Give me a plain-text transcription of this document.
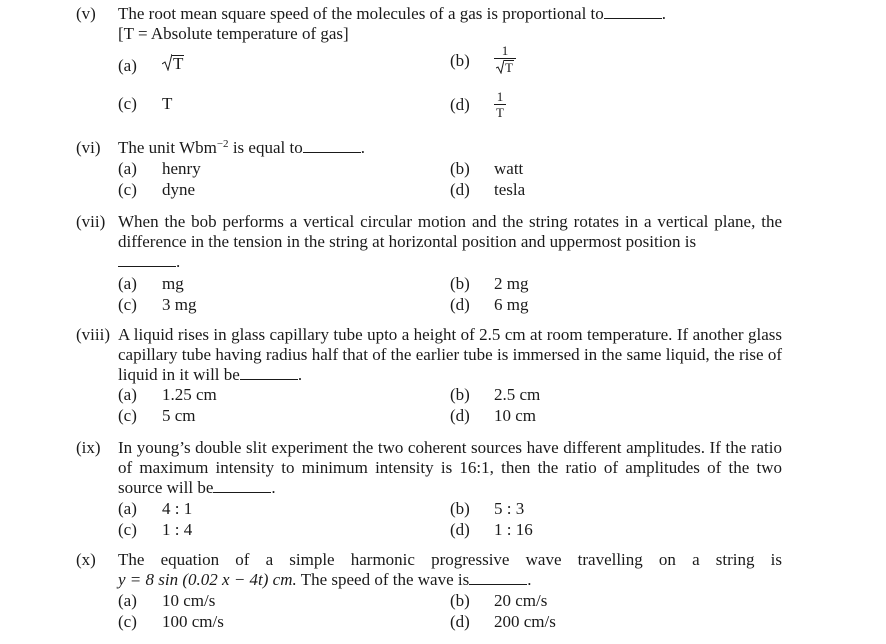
(v) The root mean square speed of the molecules of a gas is proportional to	.
[T = Absolute temperature of gas]
(a) T	$(b) \frac{1}{T}$
(c) T	$(d) \frac{1}{T}$
(vi) The unit Wbm$^{-2}$ is equal to	.
(a) henry	(b) watt
(c) dyne	(d) tesla
(vii) When the bob performs a vertical circular motion and the string rotates in a vertical plane, the difference in the tension in the string at horizontal position and uppermost position is
.
(a) mg	(b) 2 mg
(c) 3 mg	(d) 6 mg
(viii) A liquid rises in glass capillary tube upto a height of 2.5 cm at room temperature. If another glass capillary tube having radius half that of the earlier tube is immersed in the same liquid, the rise of liquid in it will be	.
(a) 1.25 cm	(b) 2.5 cm
(c) 5 cm	(d) 10 cm
(ix) In young’s double slit experiment the two coherent sources have different amplitudes. If the ratio of maximum intensity to minimum intensity is 16:1, then the ratio of amplitudes of the two source will be	.
(a) 4 : 1	(b) 5 : 3
(c) 1 : 4	(d) 1 : 16
(x) The equation of a simple harmonic progressive wave travelling on a string is
y = 8 sin (0.02 x − 4t) cm. The speed of the wave is	.
(a) 10 cm/s	(b) 20 cm/s
(c) 100 cm/s	(d) 200 cm/s
